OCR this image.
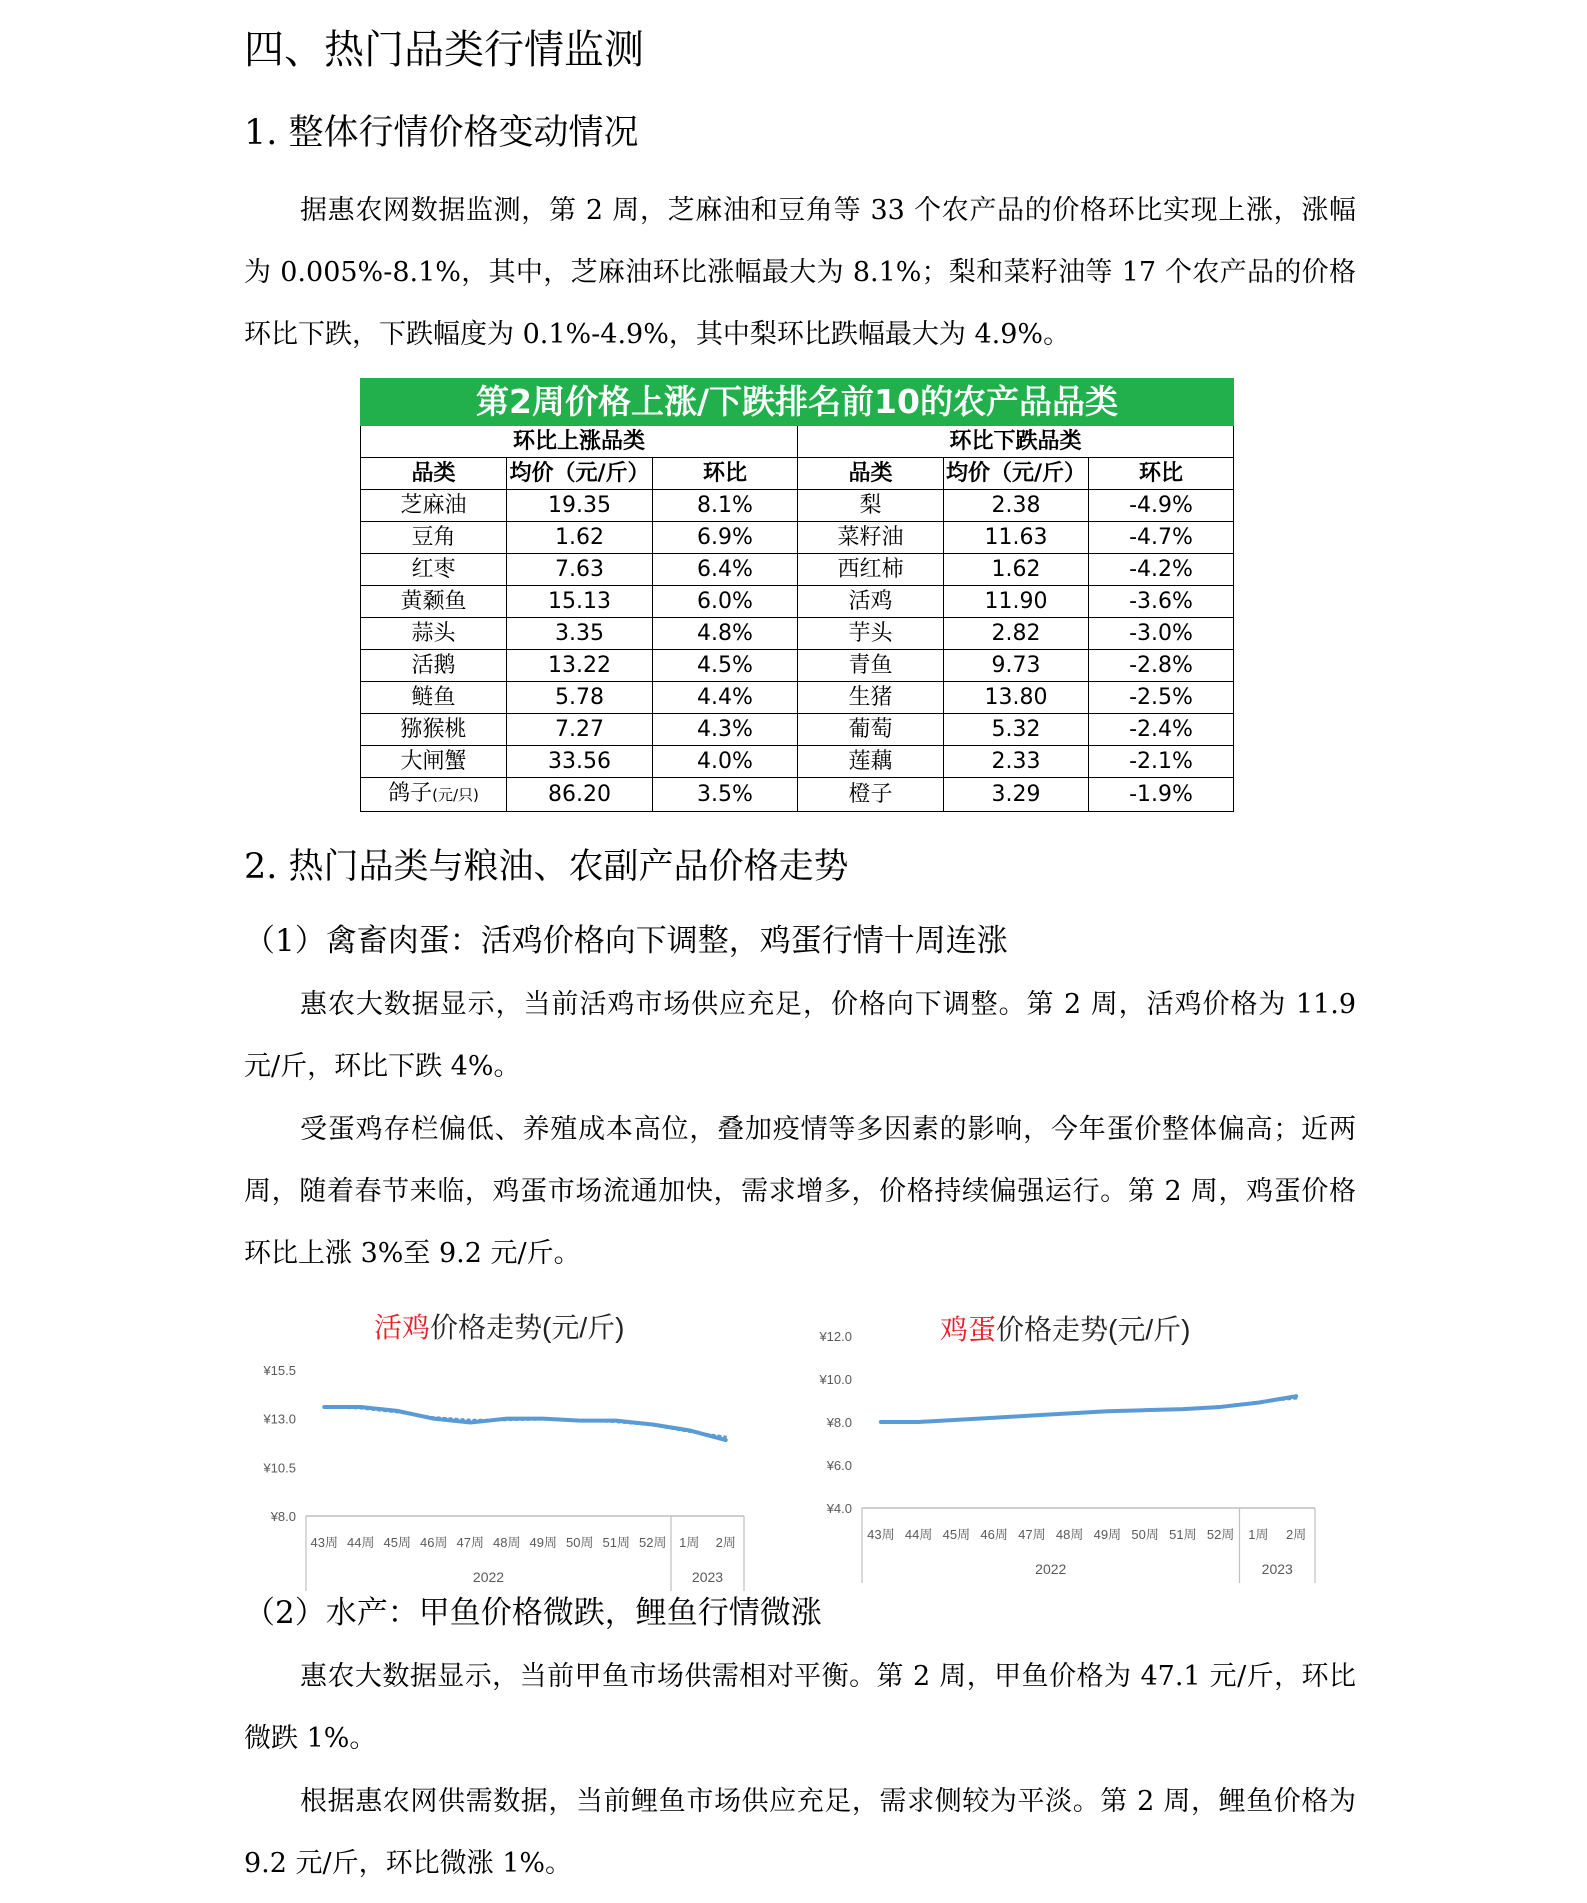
四、热门品类行情监测
1. 整体行情价格变动情况

据惠农网数据监测，第 2 周，芝麻油和豆角等 33 个农产品的价格环比实现上涨，涨幅为 0.005%-8.1%，其中，芝麻油环比涨幅最大为 8.1%；梨和菜籽油等 17 个农产品的价格环比下跌，下跌幅度为 0.1%-4.9%，其中梨环比跌幅最大为 4.9%。

第2周价格上涨/下跌排名前10的农产品品类					
环比上涨品类			环比下跌品类		
品类	均价（元/斤）	环比	品类	均价（元/斤）	环比
芝麻油	19.35	8.1%	梨	2.38	-4.9%
豆角	1.62	6.9%	菜籽油	11.63	-4.7%
红枣	7.63	6.4%	西红柿	1.62	-4.2%
黄颡鱼	15.13	6.0%	活鸡	11.90	-3.6%
蒜头	3.35	4.8%	芋头	2.82	-3.0%
活鹅	13.22	4.5%	青鱼	9.73	-2.8%
鲢鱼	5.78	4.4%	生猪	13.80	-2.5%
猕猴桃	7.27	4.3%	葡萄	5.32	-2.4%
大闸蟹	33.56	4.0%	莲藕	2.33	-2.1%
鸽子(元/只)	86.20	3.5%	橙子	3.29	-1.9%
2. 热门品类与粮油、农副产品价格走势
（1）禽畜肉蛋：活鸡价格向下调整，鸡蛋行情十周连涨

惠农大数据显示，当前活鸡市场供应充足，价格向下调整。第 2 周，活鸡价格为 11.9 元/斤，环比下跌 4%。

受蛋鸡存栏偏低、养殖成本高位，叠加疫情等多因素的影响，今年蛋价整体偏高；近两周，随着春节来临，鸡蛋市场流通加快，需求增多，价格持续偏强运行。第 2 周，鸡蛋价格环比上涨 3%至 9.2 元/斤。

活鸡价格走势(元/斤)
¥15.5
¥13.0
¥10.5
¥8.0
43周 44周 45周 46周 47周 48周 49周 50周 51周 52周 1周 2周
2022	2023
鸡蛋价格走势(元/斤)
¥12.0
¥10.0
¥8.0
¥6.0
¥4.0
43周 44周 45周 46周 47周 48周 49周 50周 51周 52周 1周 2周
2022	2023
（2）水产：甲鱼价格微跌，鲤鱼行情微涨

惠农大数据显示，当前甲鱼市场供需相对平衡。第 2 周，甲鱼价格为 47.1 元/斤，环比微跌 1%。

根据惠农网供需数据，当前鲤鱼市场供应充足，需求侧较为平淡。第 2 周，鲤鱼价格为 9.2 元/斤，环比微涨 1%。
